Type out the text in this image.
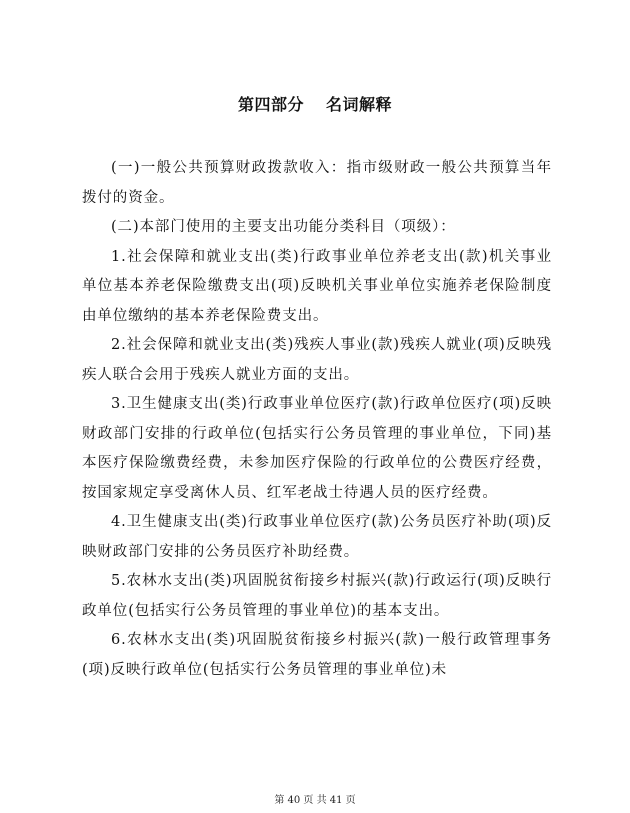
第四部分 名词解释

(一)一般公共预算财政拨款收入：指市级财政一般公共预算当年拨付的资金。

(二)本部门使用的主要支出功能分类科目（项级）：

1.社会保障和就业支出(类)行政事业单位养老支出(款)机关事业单位基本养老保险缴费支出(项)反映机关事业单位实施养老保险制度由单位缴纳的基本养老保险费支出。

2.社会保障和就业支出(类)残疾人事业(款)残疾人就业(项)反映残疾人联合会用于残疾人就业方面的支出。

3.卫生健康支出(类)行政事业单位医疗(款)行政单位医疗(项)反映财政部门安排的行政单位(包括实行公务员管理的事业单位，下同)基本医疗保险缴费经费，未参加医疗保险的行政单位的公费医疗经费，按国家规定享受离休人员、红军老战士待遇人员的医疗经费。

4.卫生健康支出(类)行政事业单位医疗(款)公务员医疗补助(项)反映财政部门安排的公务员医疗补助经费。

5.农林水支出(类)巩固脱贫衔接乡村振兴(款)行政运行(项)反映行政单位(包括实行公务员管理的事业单位)的基本支出。

6.农林水支出(类)巩固脱贫衔接乡村振兴(款)一般行政管理事务(项)反映行政单位(包括实行公务员管理的事业单位)未

第 40 页 共 41 页
